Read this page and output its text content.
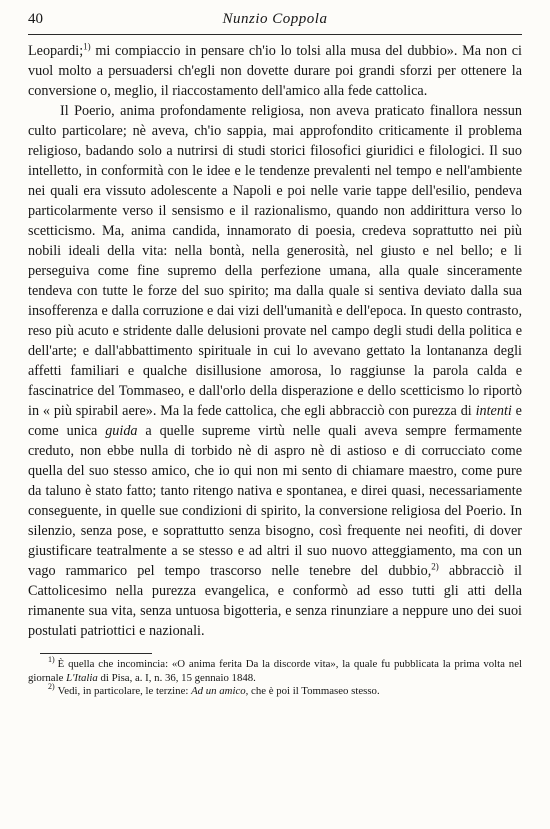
40	Nunzio Coppola

Leopardi;$^{1)}$ mi compiaccio in pensare ch'io lo tolsi alla musa del dubbio». Ma non ci vuol molto a persuadersi ch'egli non dovette durare poi grandi sforzi per ottenere la conversione o, meglio, il riaccostamento dell'amico alla fede cattolica.

Il Poerio, anima profondamente religiosa, non aveva praticato finallora nessun culto particolare; nè aveva, ch'io sappia, mai approfondito criticamente il problema religioso, badando solo a nutrirsi di studi storici filosofici giuridici e filologici. Il suo intelletto, in conformità con le idee e le tendenze prevalenti nel tempo e nell'ambiente nei quali era vissuto adolescente a Napoli e poi nelle varie tappe dell'esilio, pendeva particolarmente verso il sensismo e il razionalismo, quando non addirittura verso lo scetticismo. Ma, anima candida, innamorato di poesia, credeva soprattutto nei più nobili ideali della vita: nella bontà, nella generosità, nel giusto e nel bello; e li perseguiva come fine supremo della perfezione umana, alla quale sinceramente tendeva con tutte le forze del suo spirito; ma dalla quale si sentiva deviato dalla sua insofferenza e dalla corruzione e dai vizi dell'umanità e dell'epoca. In questo contrasto, reso più acuto e stridente dalle delusioni provate nel campo degli studi della politica e dell'arte; e dall'abbattimento spirituale in cui lo avevano gettato la lontananza degli affetti familiari e qualche disillusione amorosa, lo raggiunse la parola calda e fascinatrice del Tommaseo, e dall'orlo della disperazione e dello scetticismo lo riportò in « più spirabil aere». Ma la fede cattolica, che egli abbracciò con purezza di intenti e come unica guida a quelle supreme virtù nelle quali aveva sempre fermamente creduto, non ebbe nulla di torbido nè di aspro nè di astioso e di corrucciato come quella del suo stesso amico, che io qui non mi sento di chiamare maestro, come pure da taluno è stato fatto; tanto ritengo nativa e spontanea, e direi quasi, necessariamente conseguente, in quelle sue condizioni di spirito, la conversione religiosa del Poerio. In silenzio, senza pose, e soprattutto senza bisogno, così frequente nei neofiti, di dover giustificare teatralmente a se stesso e ad altri il suo nuovo atteggiamento, ma con un vago rammarico pel tempo trascorso nelle tenebre del dubbio,$^{2)}$ abbracciò il Cattolicesimo nella purezza evangelica, e conformò ad esso tutti gli atti della rimanente sua vita, senza untuosa bigotteria, e senza rinunziare a neppure uno dei suoi postulati patriottici e nazionali.

$^{1)}$ È quella che incomincia: «O anima ferita Da la discorde vita», la quale fu pubblicata la prima volta nel giornale L'Italia di Pisa, a. I, n. 36, 15 gennaio 1848.

$^{2)}$ Vedi, in particolare, le terzine: Ad un amico, che è poi il Tommaseo stesso.
